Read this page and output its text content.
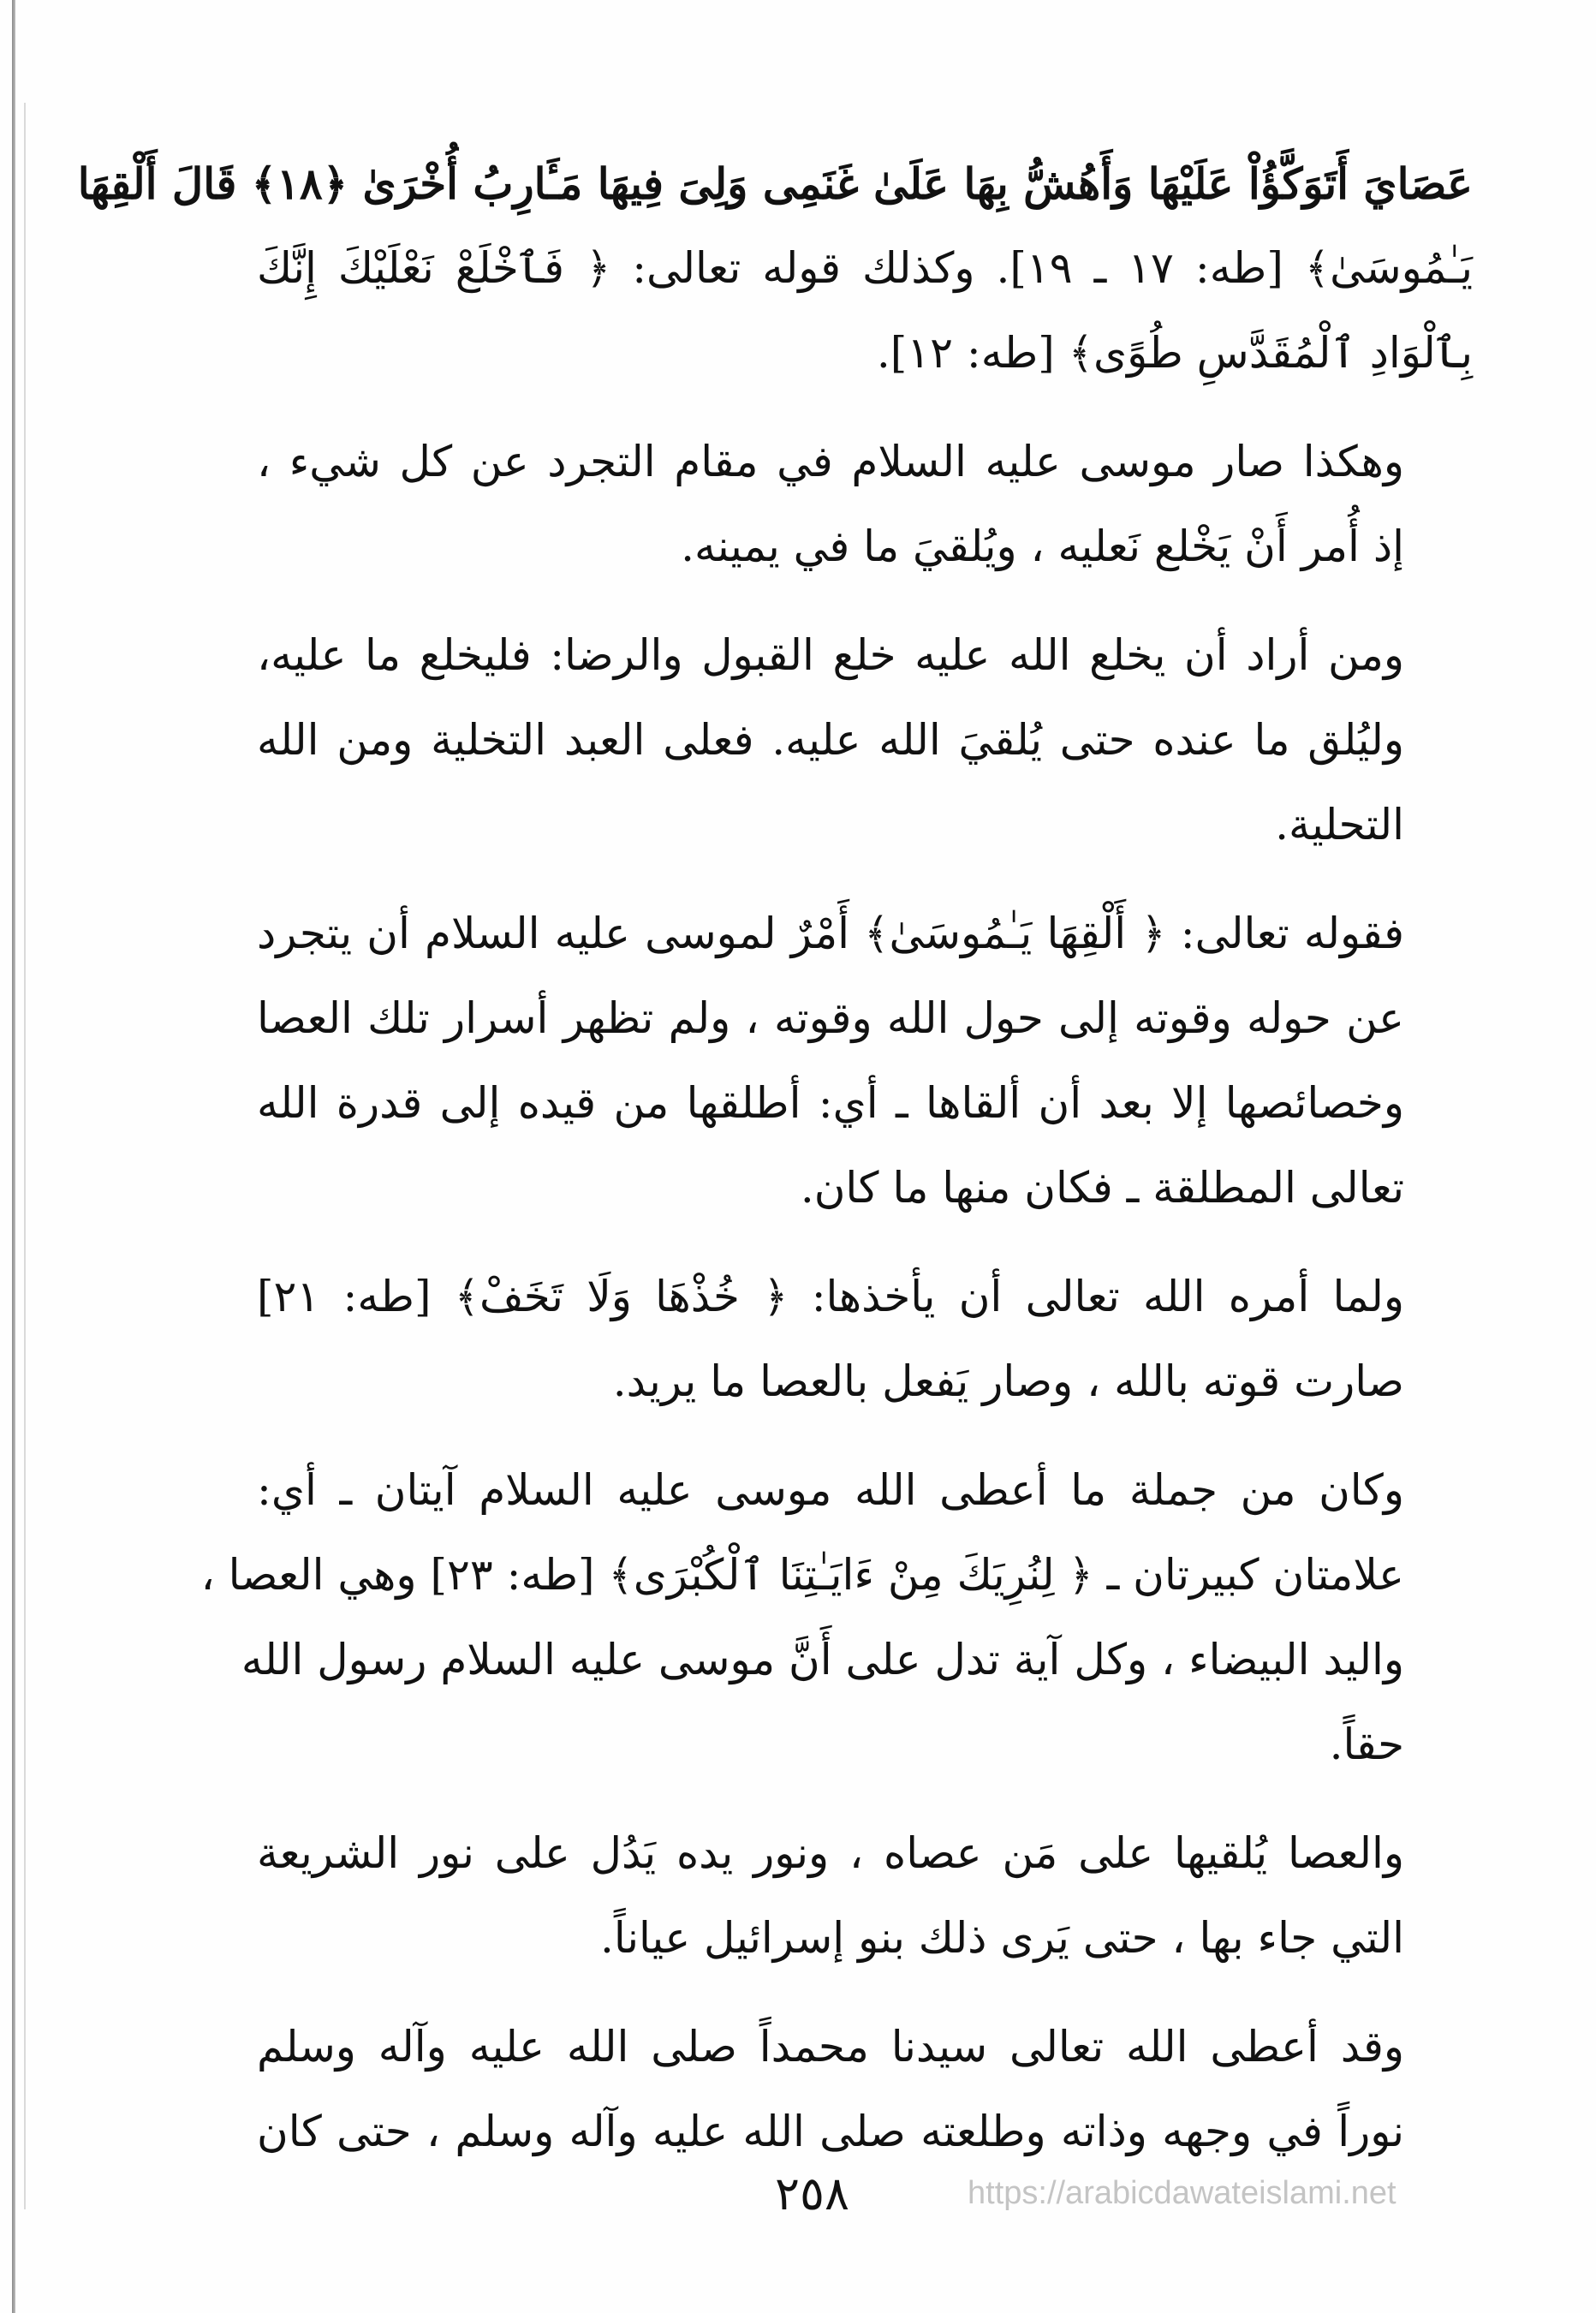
عَصَايَ أَتَوَكَّؤُاْ عَلَيْهَا وَأَهُشُّ بِهَا عَلَىٰ غَنَمِى وَلِىَ فِيهَا مَـَٔارِبُ أُخْرَىٰ ﴿١٨﴾ قَالَ أَلْقِهَا
يَـٰمُوسَىٰ﴾ [طه: ١٧ ـ ١٩]. وكذلك قوله تعالى: ﴿ فَٱخْلَعْ نَعْلَيْكَ إِنَّكَ
بِٱلْوَادِ ٱلْمُقَدَّسِ طُوًى﴾ [طه: ١٢].
وهكذا صار موسى عليه السلام في مقام التجرد عن كل شيء ،
إذ أُمر أَنْ يَخْلع نَعليه ، ويُلقيَ ما في يمينه.
ومن أراد أن يخلع الله عليه خلع القبول والرضا: فليخلع ما عليه،
وليُلق ما عنده حتى يُلقيَ الله عليه. فعلى العبد التخلية ومن الله
التحلية.
فقوله تعالى: ﴿ أَلْقِهَا يَـٰمُوسَىٰ﴾ أَمْرٌ لموسى عليه السلام أن يتجرد
عن حوله وقوته إلى حول الله وقوته ، ولم تظهر أسرار تلك العصا
وخصائصها إلا بعد أن ألقاها ـ أي: أطلقها من قيده إلى قدرة الله
تعالى المطلقة ـ فكان منها ما كان.
ولما أمره الله تعالى أن يأخذها: ﴿ خُذْهَا وَلَا تَخَفْ﴾ [طه: ٢١]
صارت قوته بالله ، وصار يَفعل بالعصا ما يريد.
وكان من جملة ما أعطى الله موسى عليه السلام آيتان ـ أي:
علامتان كبيرتان ـ ﴿ لِنُرِيَكَ مِنْ ءَايَـٰتِنَا ٱلْكُبْرَى﴾ [طه: ٢٣] وهي العصا ،
واليد البيضاء ، وكل آية تدل على أَنَّ موسى عليه السلام رسول الله
حقاً.
والعصا يُلقيها على مَن عصاه ، ونور يده يَدُل على نور الشريعة
التي جاء بها ، حتى يَرى ذلك بنو إسرائيل عياناً.
وقد أعطى الله تعالى سيدنا محمداً صلى الله عليه وآله وسلم
نوراً في وجهه وذاته وطلعته صلى الله عليه وآله وسلم ، حتى كان
٢٥٨	https://arabicdawateislami.net
